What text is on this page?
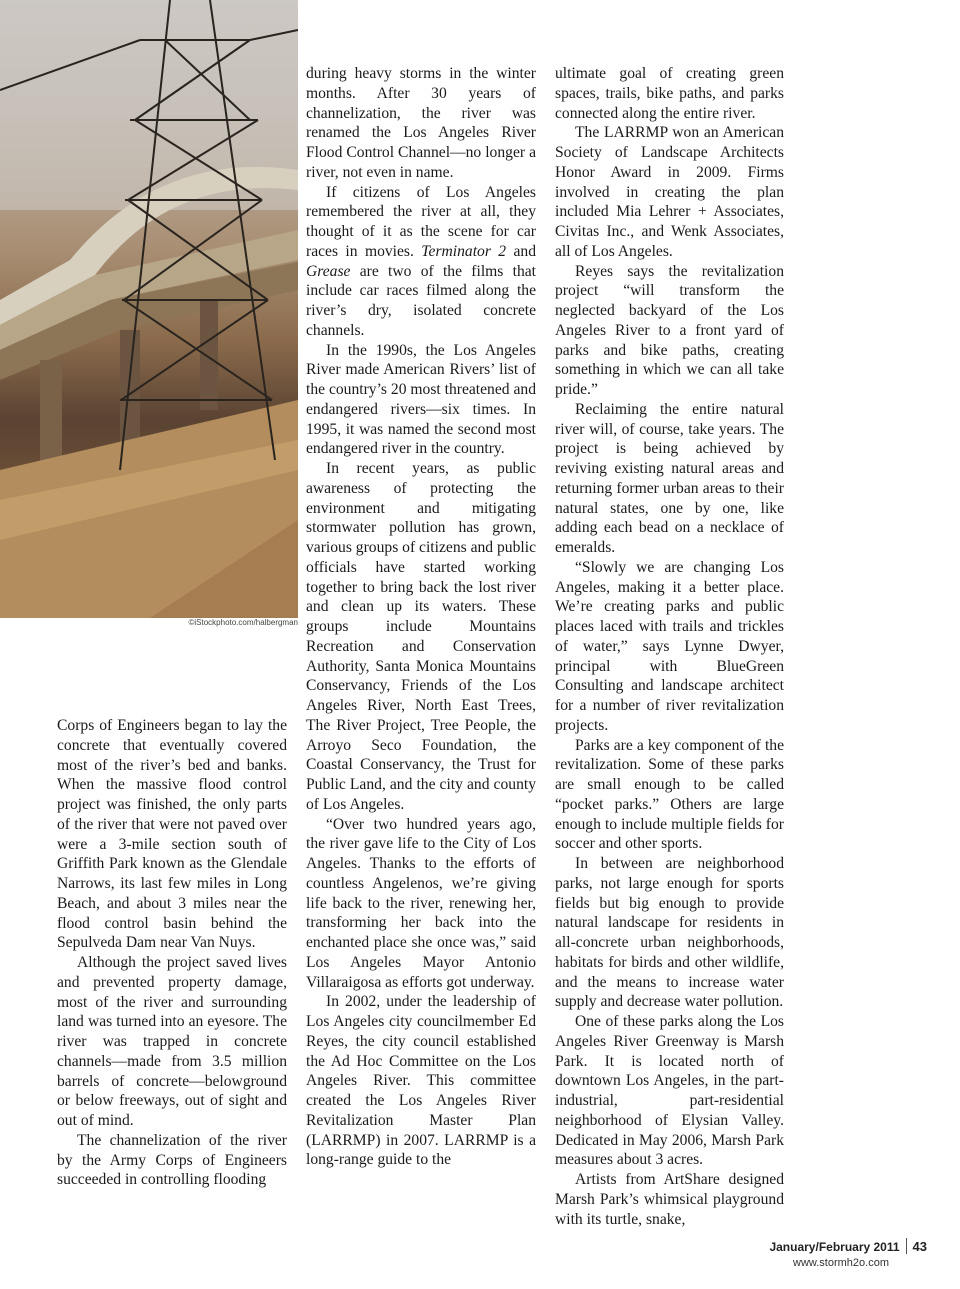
©iStockphoto.com/halbergman

Corps of Engineers began to lay the concrete that eventually covered most of the river’s bed and banks. When the massive flood control project was finished, the only parts of the river that were not paved over were a 3-mile section south of Griffith Park known as the Glendale Narrows, its last few miles in Long Beach, and about 3 miles near the flood control basin behind the Sepulveda Dam near Van Nuys.

Although the project saved lives and prevented property damage, most of the river and surrounding land was turned into an eyesore. The river was trapped in concrete channels—made from 3.5 million barrels of concrete—belowground or below freeways, out of sight and out of mind.

The channelization of the river by the Army Corps of Engineers succeeded in controlling flooding

during heavy storms in the winter months. After 30 years of channelization, the river was renamed the Los Angeles River Flood Control Channel—no longer a river, not even in name.

If citizens of Los Angeles remembered the river at all, they thought of it as the scene for car races in movies. Terminator 2 and Grease are two of the films that include car races filmed along the river’s dry, isolated concrete channels.

In the 1990s, the Los Angeles River made American Rivers’ list of the country’s 20 most threatened and endangered rivers—six times. In 1995, it was named the second most endangered river in the country.

In recent years, as public awareness of protecting the environment and mitigating stormwater pollution has grown, various groups of citizens and public officials have started working together to bring back the lost river and clean up its waters. These groups include Mountains Recreation and Conservation Authority, Santa Monica Mountains Conservancy, Friends of the Los Angeles River, North East Trees, The River Project, Tree People, the Arroyo Seco Foundation, the Coastal Conservancy, the Trust for Public Land, and the city and county of Los Angeles.

“Over two hundred years ago, the river gave life to the City of Los Angeles. Thanks to the efforts of countless Angelenos, we’re giving life back to the river, renewing her, transforming her back into the enchanted place she once was,” said Los Angeles Mayor Antonio Villaraigosa as efforts got underway.

In 2002, under the leadership of Los Angeles city councilmember Ed Reyes, the city council established the Ad Hoc Committee on the Los Angeles River. This committee created the Los Angeles River Revitalization Master Plan (LARRMP) in 2007. LARRMP is a long-range guide to the

ultimate goal of creating green spaces, trails, bike paths, and parks connected along the entire river.

The LARRMP won an American Society of Landscape Architects Honor Award in 2009. Firms involved in creating the plan included Mia Lehrer + Associates, Civitas Inc., and Wenk Associates, all of Los Angeles.

Reyes says the revitalization project “will transform the neglected backyard of the Los Angeles River to a front yard of parks and bike paths, creating something in which we can all take pride.”

Reclaiming the entire natural river will, of course, take years. The project is being achieved by reviving existing natural areas and returning former urban areas to their natural states, one by one, like adding each bead on a necklace of emeralds.

“Slowly we are changing Los Angeles, making it a better place. We’re creating parks and public places laced with trails and trickles of water,” says Lynne Dwyer, principal with BlueGreen Consulting and landscape architect for a number of river revitalization projects.

Parks are a key component of the revitalization. Some of these parks are small enough to be called “pocket parks.” Others are large enough to include multiple fields for soccer and other sports.

In between are neighborhood parks, not large enough for sports fields but big enough to provide natural landscape for residents in all-concrete urban neighborhoods, habitats for birds and other wildlife, and the means to increase water supply and decrease water pollution.

One of these parks along the Los Angeles River Greenway is Marsh Park. It is located north of downtown Los Angeles, in the part-industrial, part-residential neighborhood of Elysian Valley. Dedicated in May 2006, Marsh Park measures about 3 acres.

Artists from ArtShare designed Marsh Park’s whimsical playground with its turtle, snake,

January/February 2011 43
www.stormh2o.com
